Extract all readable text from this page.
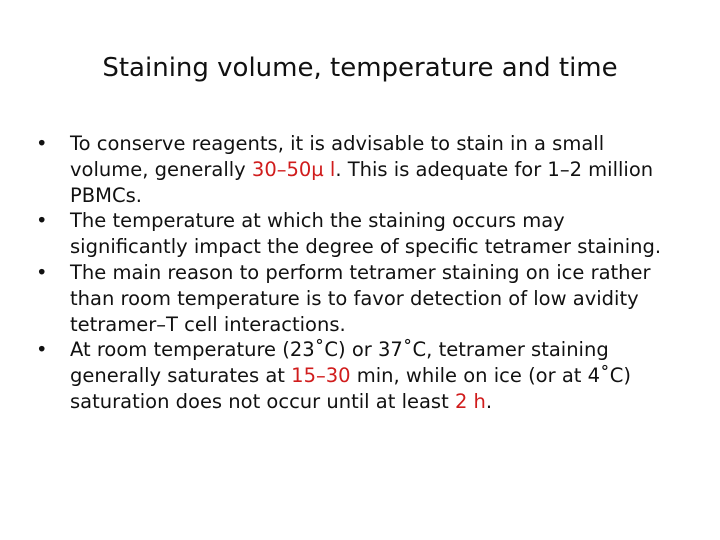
Staining volume, temperature and time
•	To conserve reagents, it is advisable to stain in a small volume, generally 30–50µ l. This is adequate for 1–2 million PBMCs.
•	The temperature at which the staining occurs may significantly impact the degree of specific tetramer staining.
•	The main reason to perform tetramer staining on ice rather than room temperature is to favor detection of low avidity tetramer–T cell interactions.
•	At room temperature (23˚C) or 37˚C, tetramer staining generally saturates at 15–30 min, while on ice (or at 4˚C) saturation does not occur until at least 2 h.
